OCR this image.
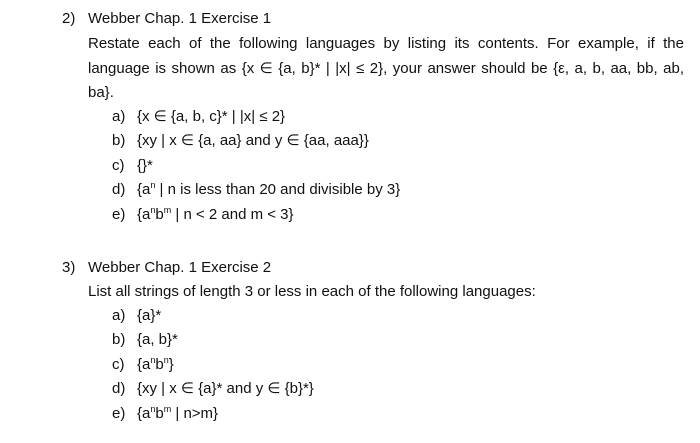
2) Webber Chap. 1 Exercise 1

Restate each of the following languages by listing its contents. For example, if the language is shown as {x ∈ {a, b}* | |x| ≤ 2}, your answer should be {ε, a, b, aa, bb, ab, ba}.

a) {x ∈ {a, b, c}* | |x| ≤ 2}
b) {xy | x ∈ {a, aa} and y ∈ {aa, aaa}}
c) {}*
d) {$a^n$ | n is less than 20 and divisible by 3}
e) {$a^nb^m$ | n < 2 and m < 3}
3) Webber Chap. 1 Exercise 2

List all strings of length 3 or less in each of the following languages:

a) {a}*
b) {a, b}*
c) $\{a^nb^n\}$
d) {xy | x ∈ {a}* and y ∈ {b}*}
e) {$a^nb^m$ | n>m}
